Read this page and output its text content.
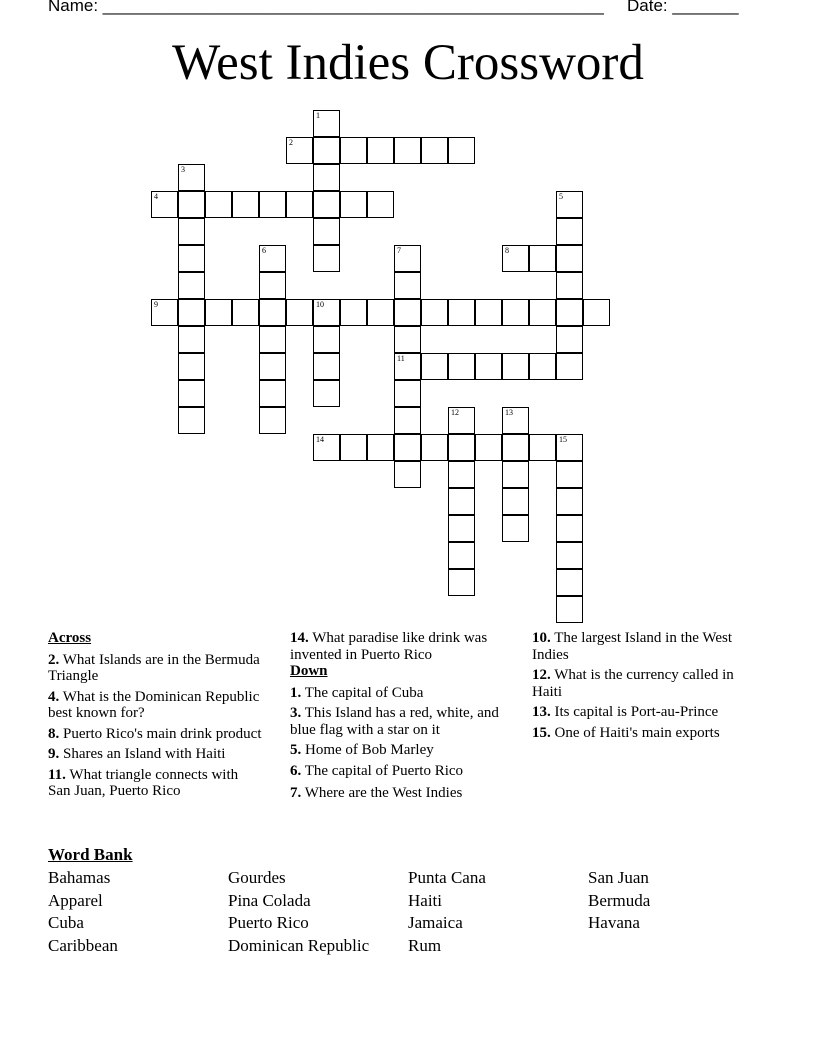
Name: _____________________________________________________ Date: _______
West Indies Crossword
1
2
3
4	5
6	7	8
9	10
11
12	13
14	15
Across
2. What Islands are in the Bermuda Triangle
4. What is the Dominican Republic best known for?
8. Puerto Rico's main drink product
9. Shares an Island with Haiti
11. What triangle connects with San Juan, Puerto Rico
14. What paradise like drink was invented in Puerto Rico
Down
1. The capital of Cuba
3. This Island has a red, white, and blue flag with a star on it
5. Home of Bob Marley
6. The capital of Puerto Rico
7. Where are the West Indies
10. The largest Island in the West Indies
12. What is the currency called in Haiti
13. Its capital is Port-au-Prince
15. One of Haiti's main exports
Word Bank
Bahamas
Apparel
Cuba
Caribbean
Gourdes
Pina Colada
Puerto Rico
Dominican Republic
Punta Cana
Haiti
Jamaica
Rum
San Juan
Bermuda
Havana
